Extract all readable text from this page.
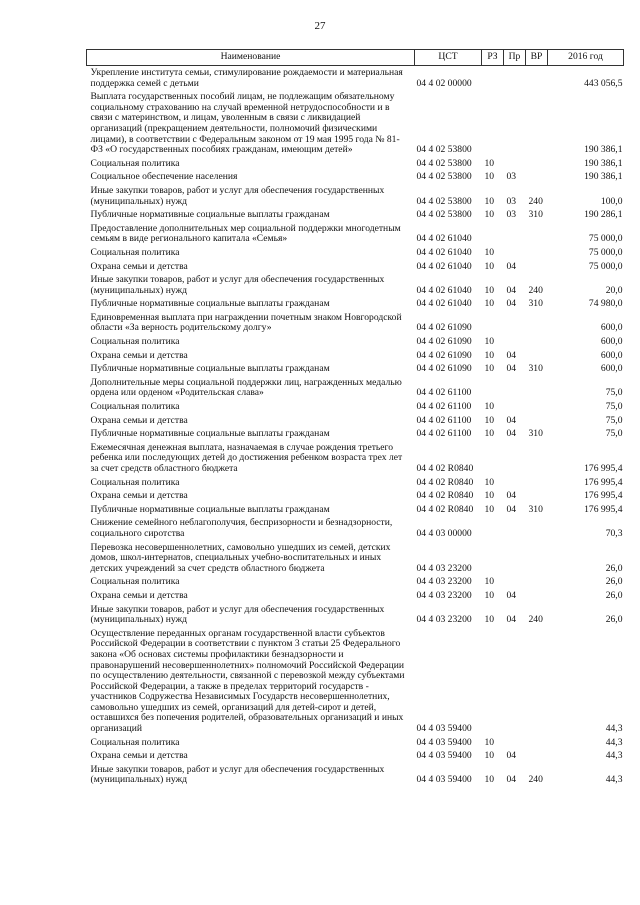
27
Наименование	ЦСТ	РЗ	Пр	ВР	2016 год
Укрепление института семьи, стимулирование рождаемости и материальная поддержка семей с детьми	04 4 02 00000				443 056,5
Выплата государственных пособий лицам, не подлежащим обязательному социальному страхованию на случай временной нетрудоспособности и в связи с материнством, и лицам, уволенным в связи с ликвидацией организаций (прекращением деятельности, полномочий физическими лицами), в соответствии с Федеральным законом от 19 мая 1995 года № 81-ФЗ «О государственных пособиях гражданам, имеющим детей»	04 4 02 53800				190 386,1
Социальная политика	04 4 02 53800	10			190 386,1
Социальное обеспечение населения	04 4 02 53800	10	03		190 386,1
Иные закупки товаров, работ и услуг для обеспечения государственных (муниципальных) нужд	04 4 02 53800	10	03	240	100,0
Публичные нормативные социальные выплаты гражданам	04 4 02 53800	10	03	310	190 286,1
Предоставление дополнительных мер социальной поддержки многодетным семьям в виде регионального капитала «Семья»	04 4 02 61040				75 000,0
Социальная политика	04 4 02 61040	10			75 000,0
Охрана семьи и детства	04 4 02 61040	10	04		75 000,0
Иные закупки товаров, работ и услуг для обеспечения государственных (муниципальных) нужд	04 4 02 61040	10	04	240	20,0
Публичные нормативные социальные выплаты гражданам	04 4 02 61040	10	04	310	74 980,0
Единовременная выплата при награждении почетным знаком Новгородской области «За верность родительскому долгу»	04 4 02 61090				600,0
Социальная политика	04 4 02 61090	10			600,0
Охрана семьи и детства	04 4 02 61090	10	04		600,0
Публичные нормативные социальные выплаты гражданам	04 4 02 61090	10	04	310	600,0
Дополнительные меры социальной поддержки лиц, награжденных медалью ордена или орденом «Родительская слава»	04 4 02 61100				75,0
Социальная политика	04 4 02 61100	10			75,0
Охрана семьи и детства	04 4 02 61100	10	04		75,0
Публичные нормативные социальные выплаты гражданам	04 4 02 61100	10	04	310	75,0
Ежемесячная денежная выплата, назначаемая в случае рождения третьего ребенка или последующих детей до достижения ребенком возраста трех лет за счет средств областного бюджета	04 4 02 R0840				176 995,4
Социальная политика	04 4 02 R0840	10			176 995,4
Охрана семьи и детства	04 4 02 R0840	10	04		176 995,4
Публичные нормативные социальные выплаты гражданам	04 4 02 R0840	10	04	310	176 995,4
Снижение семейного неблагополучия, беспризорности и безнадзорности, социального сиротства	04 4 03 00000				70,3
Перевозка несовершеннолетних, самовольно ушедших из семей, детских домов, школ-интернатов, специальных учебно-воспитательных и иных детских учреждений за счет средств областного бюджета	04 4 03 23200				26,0
Социальная политика	04 4 03 23200	10			26,0
Охрана семьи и детства	04 4 03 23200	10	04		26,0
Иные закупки товаров, работ и услуг для обеспечения государственных (муниципальных) нужд	04 4 03 23200	10	04	240	26,0
Осуществление переданных органам государственной власти субъектов Российской Федерации в соответствии с пунктом 3 статьи 25 Федерального закона «Об основах системы профилактики безнадзорности и правонарушений несовершеннолетних» полномочий Российской Федерации по осуществлению деятельности, связанной с перевозкой между субъектами Российской Федерации, а также в пределах территорий государств - участников Содружества Независимых Государств несовершеннолетних, самовольно ушедших из семей, организаций для детей-сирот и детей, оставшихся без попечения родителей, образовательных организаций и иных организаций	04 4 03 59400				44,3
Социальная политика	04 4 03 59400	10			44,3
Охрана семьи и детства	04 4 03 59400	10	04		44,3
Иные закупки товаров, работ и услуг для обеспечения государственных (муниципальных) нужд	04 4 03 59400	10	04	240	44,3
